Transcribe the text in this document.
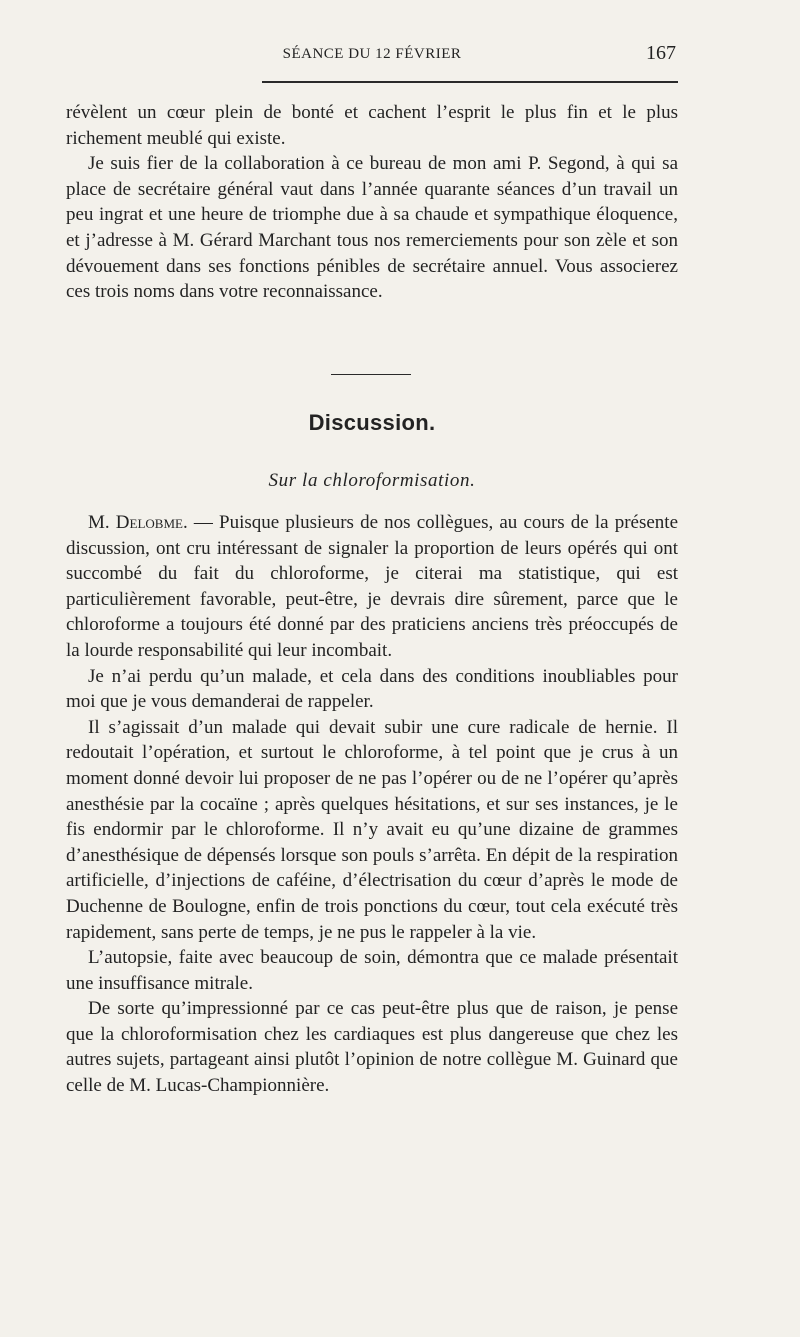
SÉANCE DU 12 FÉVRIER	167

révèlent un cœur plein de bonté et cachent l’esprit le plus fin et le plus richement meublé qui existe.

Je suis fier de la collaboration à ce bureau de mon ami P. Segond, à qui sa place de secrétaire général vaut dans l’année quarante séances d’un travail un peu ingrat et une heure de triomphe due à sa chaude et sympathique éloquence, et j’adresse à M. Gérard Marchant tous nos remerciements pour son zèle et son dévouement dans ses fonctions pénibles de secrétaire annuel. Vous associerez ces trois noms dans votre reconnaissance.

Discussion.
Sur la chloroformisation.

M. Delobme. — Puisque plusieurs de nos collègues, au cours de la présente discussion, ont cru intéressant de signaler la proportion de leurs opérés qui ont succombé du fait du chloroforme, je citerai ma statistique, qui est particulièrement favorable, peut-être, je devrais dire sûrement, parce que le chloroforme a toujours été donné par des praticiens anciens très préoccupés de la lourde responsabilité qui leur incombait.

Je n’ai perdu qu’un malade, et cela dans des conditions inoubliables pour moi que je vous demanderai de rappeler.

Il s’agissait d’un malade qui devait subir une cure radicale de hernie. Il redoutait l’opération, et surtout le chloroforme, à tel point que je crus à un moment donné devoir lui proposer de ne pas l’opérer ou de ne l’opérer qu’après anesthésie par la cocaïne ; après quelques hésitations, et sur ses instances, je le fis endormir par le chloroforme. Il n’y avait eu qu’une dizaine de grammes d’anesthésique de dépensés lorsque son pouls s’arrêta. En dépit de la respiration artificielle, d’injections de caféine, d’électrisation du cœur d’après le mode de Duchenne de Boulogne, enfin de trois ponctions du cœur, tout cela exécuté très rapidement, sans perte de temps, je ne pus le rappeler à la vie.

L’autopsie, faite avec beaucoup de soin, démontra que ce malade présentait une insuffisance mitrale.

De sorte qu’impressionné par ce cas peut-être plus que de raison, je pense que la chloroformisation chez les cardiaques est plus dangereuse que chez les autres sujets, partageant ainsi plutôt l’opinion de notre collègue M. Guinard que celle de M. Lucas-Championnière.
